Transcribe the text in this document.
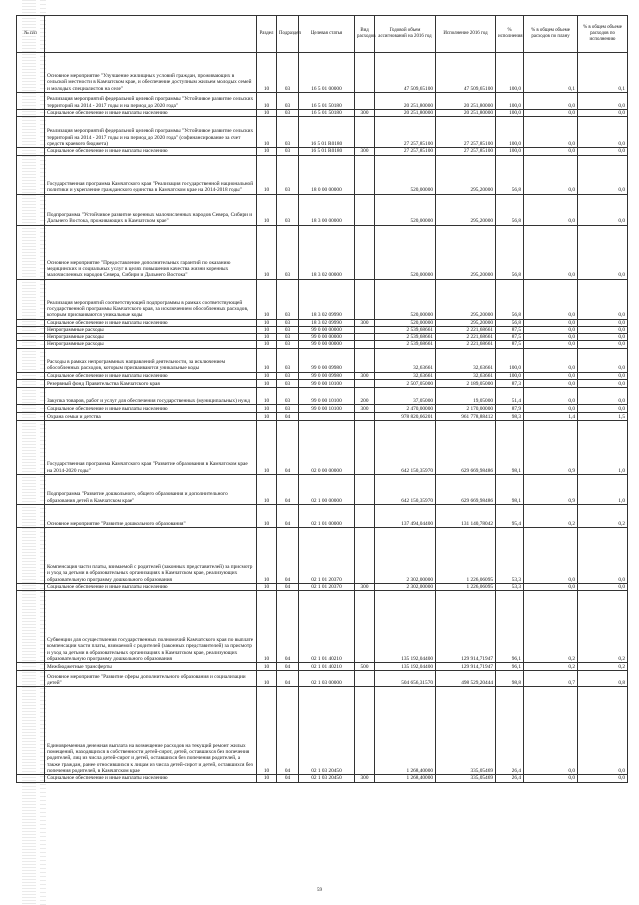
№ п/п		Раздел	Подраздел	Целевая статья	Вид расходов	Годовой объем ассигнований на 2016 год	Исполнение 2016 год	% исполнения	% в общем объеме расходов по плану	% в общем объеме расходов по исполнению
	Основное мероприятие "Улучшение жилищных условий граждан, проживающих в сельской местности в Камчатском крае, и обеспечение доступным жильем молодых семей и молодых специалистов на селе"	10	03	16 5 01 00000		47 509,65100	47 509,65100	100,0	0,1	0,1
	Реализация мероприятий федеральной целевой программы "Устойчивое развитие сельских территорий на 2014 - 2017 годы и на период до 2020 года"	10	03	16 5 01 50180		20 251,80000	20 251,80000	100,0	0,0	0,0
	Социальное обеспечение и иные выплаты населению	10	03	16 5 01 50180	300	20 251,80000	20 251,80000	100,0	0,0	0,0
	Реализация мероприятий федеральной целевой программы "Устойчивое развитие сельских территорий на 2014 - 2017 годы и на период до 2020 года" (софинансирование за счет средств краевого бюджета)	10	03	16 5 01 R0180		27 257,85100	27 257,85100	100,0	0,0	0,0
	Социальное обеспечение и иные выплаты населению	10	03	16 5 01 R0180	300	27 257,85100	27 257,85100	100,0	0,0	0,0
	Государственная программа Камчатского края "Реализация государственной национальной политики и укрепление гражданского единства в Камчатском крае на 2014-2018 годы"	10	03	18 0 00 00000		520,00000	295,20000	56,8	0,0	0,0
	Подпрограмма "Устойчивое развитие коренных малочисленных народов Севера, Сибири и Дальнего Востока, проживающих в Камчатском крае"	10	03	18 3 00 00000		520,00000	295,20000	56,8	0,0	0,0
	Основное мероприятие "Предоставление дополнительных гарантий по оказанию медицинских и социальных услуг в целях повышения качества жизни коренных малочисленных народов Севера, Сибири и Дальнего Востока"	10	03	18 3 02 00000		520,00000	295,20000	56,8	0,0	0,0
	Реализация мероприятий соответствующей подпрограммы в рамках соответствующей государственной программы Камчатского края, за исключением обособленных расходов, которым присваиваются уникальные коды	10	03	18 3 02 09990		520,00000	295,20000	56,8	0,0	0,0
	Социальное обеспечение и иные выплаты населению	10	03	18 3 02 09990	300	520,00000	295,20000	56,8	0,0	0,0
	Непрограммные расходы	10	03	99 0 00 00000		2 539,68661	2 221,68661	87,5	0,0	0,0
	Непрограммные расходы	10	03	99 0 00 00000		2 539,68661	2 221,68661	87,5	0,0	0,0
	Непрограммные расходы	10	03	99 0 00 00000		2 539,68661	2 221,68661	87,5	0,0	0,0
	Расходы в рамках непрограммных направлений деятельности, за исключением обособленных расходов, которым присваиваются уникальные коды	10	03	99 0 00 09980		32,63661	32,63661	100,0	0,0	0,0
	Социальное обеспечение и иные выплаты населению	10	03	99 0 00 09980	300	32,63661	32,63661	100,0	0,0	0,0
	Резервный фонд Правительства Камчатского края	10	03	99 0 00 10100		2 507,05000	2 189,05000	87,3	0,0	0,0
	Закупка товаров, работ и услуг для обеспечения государственных (муниципальных) нужд	10	03	99 0 00 10100	200	37,05000	19,05000	51,4	0,0	0,0
	Социальное обеспечение и иные выплаты населению	10	03	99 0 00 10100	300	2 470,00000	2 170,00000	87,9	0,0	0,0
	Охрана семьи и детства	10	04			978 820,66201	961 778,88412	98,3	1,4	1,5
	Государственная программа Камчатского края "Развитие образования в Камчатском крае на 2014-2020 годы"	10	04	02 0 00 00000		642 150,35970	629 669,98486	98,1	0,9	1,0
	Подпрограмма "Развитие дошкольного, общего образования и дополнительного образования детей в Камчатском крае"	10	04	02 1 00 00000		642 150,35970	629 669,98486	98,1	0,9	1,0
	Основное мероприятие "Развитие дошкольного образования"	10	04	02 1 01 00000		137 494,04400	131 140,78042	95,4	0,2	0,2
	Компенсация части платы, взимаемой с родителей (законных представителей) за присмотр и уход за детьми в образовательных организациях в Камчатском крае, реализующих образовательную программу дошкольного образования	10	04	02 1 01 20370		2 302,00000	1 226,06095	53,3	0,0	0,0
	Социальное обеспечение и иные выплаты населению	10	04	02 1 01 20370	300	2 302,00000	1 226,06095	53,3	0,0	0,0
	Субвенции для осуществления государственных полномочий Камчатского края по выплате компенсации части платы, взимаемой с родителей (законных представителей) за присмотр и уход за детьми в образовательных организациях в Камчатском крае, реализующих образовательную программу дошкольного образования	10	04	02 1 01 40210		135 192,04400	129 914,71947	96,1	0,2	0,2
	Межбюджетные трансферты	10	04	02 1 01 40210	500	135 192,04400	129 914,71947	96,1	0,2	0,2
	Основное мероприятие "Развитие сферы дополнительного образования и социализации детей"	10	04	02 1 03 00000		504 656,31570	498 529,20444	98,8	0,7	0,8
	Единовременная денежная выплата на возмещение расходов на текущий ремонт жилых помещений, находящихся в собственности детей-сирот, детей, оставшихся без попечения родителей, лиц из числа детей-сирот и детей, оставшихся без попечения родителей, а также граждан, ранее относившихся к лицам из числа детей-сирот и детей, оставшихся без попечения родителей, в Камчатском крае	10	04	02 1 03 20450		1 268,40000	335,05469	26,4	0,0	0,0
	Социальное обеспечение и иные выплаты населению	10	04	02 1 03 20450	300	1 268,40000	335,05469	26,4	0,0	0,0
59
